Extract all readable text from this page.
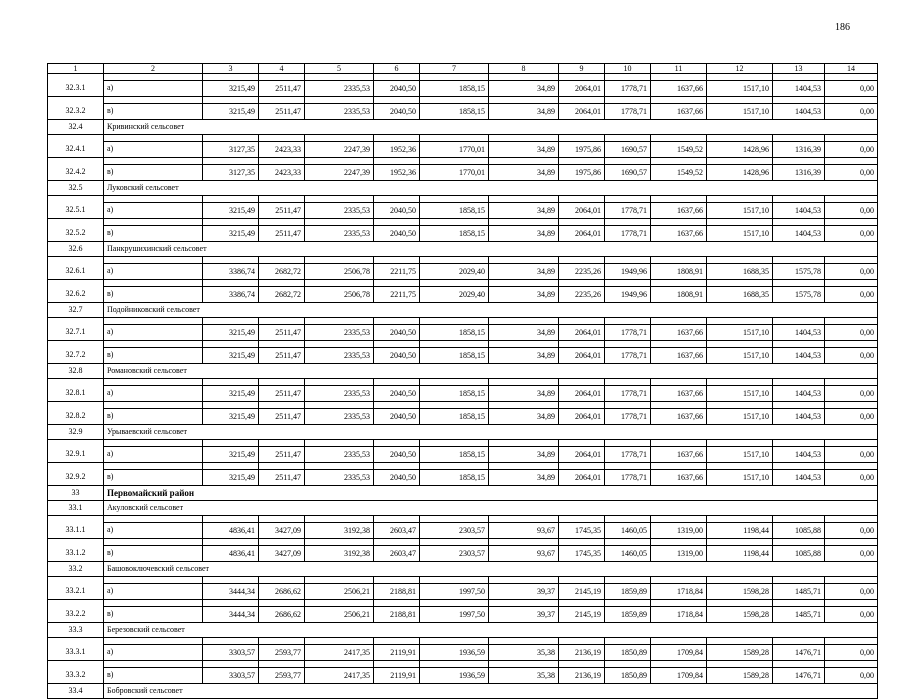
186
1	2	3	4	5	6	7	8	9	10	11	12	13	14

32.3.1	а)	3215,49	2511,47	2335,53	2040,50	1858,15	34,89	2064,01	1778,71	1637,66	1517,10	1404,53	0,00

32.3.2	в)	3215,49	2511,47	2335,53	2040,50	1858,15	34,89	2064,01	1778,71	1637,66	1517,10	1404,53	0,00
32.4	Кривинский сельсовет												

32.4.1	а)	3127,35	2423,33	2247,39	1952,36	1770,01	34,89	1975,86	1690,57	1549,52	1428,96	1316,39	0,00

32.4.2	в)	3127,35	2423,33	2247,39	1952,36	1770,01	34,89	1975,86	1690,57	1549,52	1428,96	1316,39	0,00
32.5	Луковский сельсовет												

32.5.1	а)	3215,49	2511,47	2335,53	2040,50	1858,15	34,89	2064,01	1778,71	1637,66	1517,10	1404,53	0,00

32.5.2	в)	3215,49	2511,47	2335,53	2040,50	1858,15	34,89	2064,01	1778,71	1637,66	1517,10	1404,53	0,00
32.6	Панкрушихинский сельсовет												

32.6.1	а)	3386,74	2682,72	2506,78	2211,75	2029,40	34,89	2235,26	1949,96	1808,91	1688,35	1575,78	0,00

32.6.2	в)	3386,74	2682,72	2506,78	2211,75	2029,40	34,89	2235,26	1949,96	1808,91	1688,35	1575,78	0,00
32.7	Подойниковский сельсовет												

32.7.1	а)	3215,49	2511,47	2335,53	2040,50	1858,15	34,89	2064,01	1778,71	1637,66	1517,10	1404,53	0,00

32.7.2	в)	3215,49	2511,47	2335,53	2040,50	1858,15	34,89	2064,01	1778,71	1637,66	1517,10	1404,53	0,00
32.8	Романовский сельсовет												

32.8.1	а)	3215,49	2511,47	2335,53	2040,50	1858,15	34,89	2064,01	1778,71	1637,66	1517,10	1404,53	0,00

32.8.2	в)	3215,49	2511,47	2335,53	2040,50	1858,15	34,89	2064,01	1778,71	1637,66	1517,10	1404,53	0,00
32.9	Урываевский сельсовет												

32.9.1	а)	3215,49	2511,47	2335,53	2040,50	1858,15	34,89	2064,01	1778,71	1637,66	1517,10	1404,53	0,00

32.9.2	в)	3215,49	2511,47	2335,53	2040,50	1858,15	34,89	2064,01	1778,71	1637,66	1517,10	1404,53	0,00
33	Первомайский район												
33.1	Акуловский сельсовет												

33.1.1	а)	4836,41	3427,09	3192,38	2603,47	2303,57	93,67	1745,35	1460,05	1319,00	1198,44	1085,88	0,00

33.1.2	в)	4836,41	3427,09	3192,38	2603,47	2303,57	93,67	1745,35	1460,05	1319,00	1198,44	1085,88	0,00
33.2	Бaшовоключевский сельсовет												

33.2.1	а)	3444,34	2686,62	2506,21	2188,81	1997,50	39,37	2145,19	1859,89	1718,84	1598,28	1485,71	0,00

33.2.2	в)	3444,34	2686,62	2506,21	2188,81	1997,50	39,37	2145,19	1859,89	1718,84	1598,28	1485,71	0,00
33.3	Березовский сельсовет												

33.3.1	а)	3303,57	2593,77	2417,35	2119,91	1936,59	35,38	2136,19	1850,89	1709,84	1589,28	1476,71	0,00

33.3.2	в)	3303,57	2593,77	2417,35	2119,91	1936,59	35,38	2136,19	1850,89	1709,84	1589,28	1476,71	0,00
33.4	Бобровский сельсовет												
